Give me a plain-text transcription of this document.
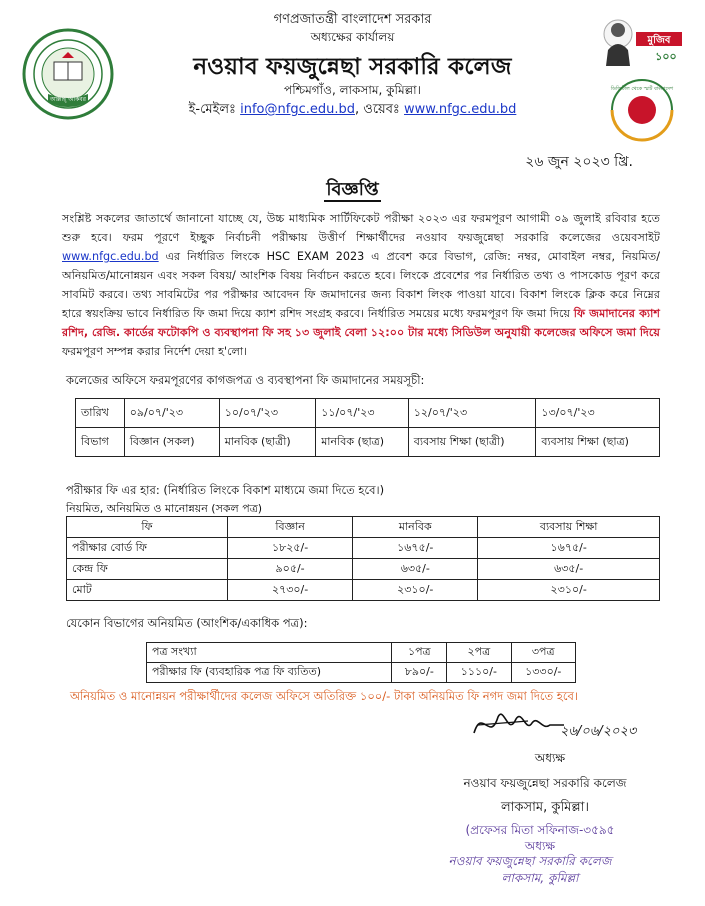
আল্লাহ্ আকবর
মুজিব
১০০
ডিজিটাল থেকে স্মার্ট বাংলাদেশ
গণপ্রজাতন্ত্রী বাংলাদেশ সরকার
অধ্যক্ষের কার্যালয়
নওয়াব ফয়জুন্নেছা সরকারি কলেজ
পশ্চিমগাঁও, লাকসাম, কুমিল্লা।
ই-মেইলঃ info@nfgc.edu.bd, ওয়েবঃ www.nfgc.edu.bd
২৬ জুন ২০২৩ খ্রি.
বিজ্ঞপ্তি
সংশ্লিষ্ট সকলের জাতার্থে জানানো যাচ্ছে যে, উচ্চ মাধ্যমিক সার্টিফিকেট পরীক্ষা ২০২৩ এর ফরমপূরণ আগামী ০৯ জুলাই রবিবার হতে শুরু হবে। ফরম পূরণে ইচ্ছুক নির্বাচনী পরীক্ষায় উত্তীর্ণ শিক্ষার্থীদের নওয়াব ফয়জুন্নেছা সরকারি কলেজের ওয়েবসাইট www.nfgc.edu.bd এর নির্ধারিত লিংকে HSC EXAM 2023 এ প্রবেশ করে বিভাগ, রেজি: নম্বর, মোবাইল নম্বর, নিয়মিত/ অনিয়মিত/মানোন্নয়ন এবং সকল বিষয়/ আংশিক বিষয় নির্বাচন করতে হবে। লিংকে প্রবেশের পর নির্ধারিত তথ্য ও পাসকোড পূরণ করে সাবমিট করবে। তথ্য সাবমিটের পর পরীক্ষার আবেদন ফি জমাদানের জন্য বিকাশ লিংক পাওয়া যাবে। বিকাশ লিংকে ক্লিক করে নিম্নের হারে স্বয়ংক্রিয় ভাবে নির্ধারিত ফি জমা দিয়ে ক্যাশ রশিদ সংগ্রহ করবে। নির্ধারিত সময়ের মধ্যে ফরমপূরণ ফি জমা দিয়ে ফি জমাদানের ক্যাশ রশিদ, রেজি. কার্ডের ফটোকপি ও ব্যবস্থাপনা ফি সহ ১৩ জুলাই বেলা ১২:০০ টার মধ্যে সিডিউল অনুযায়ী কলেজের অফিসে জমা দিয়ে ফরমপূরণ সম্পন্ন করার নির্দেশ দেয়া হ'লো।
কলেজের অফিসে ফরমপূরণের কাগজপত্র ও ব্যবস্থাপনা ফি জমাদানের সময়সূচী:
তারিখ	০৯/০৭/'২৩	১০/০৭/'২৩	১১/০৭/'২৩	১২/০৭/'২৩	১৩/০৭/'২৩
বিভাগ	বিজ্ঞান (সকল)	মানবিক (ছাত্রী)	মানবিক (ছাত্র)	ব্যবসায় শিক্ষা (ছাত্রী)	ব্যবসায় শিক্ষা (ছাত্র)
পরীক্ষার ফি এর হার: (নির্ধারিত লিংকে বিকাশ মাধ্যমে জমা দিতে হবে।)
নিয়মিত, অনিয়মিত ও মানোন্নয়ন (সকল পত্র)
ফি	বিজ্ঞান	মানবিক	ব্যবসায় শিক্ষা
পরীক্ষার বোর্ড ফি	১৮২৫/-	১৬৭৫/-	১৬৭৫/-
কেন্দ্র ফি	৯০৫/-	৬৩৫/-	৬৩৫/-
মোট	২৭৩০/-	২৩১০/-	২৩১০/-
যেকোন বিভাগের অনিয়মিত (আংশিক/একাধিক পত্র):
পত্র সংখ্যা	১পত্র	২পত্র	৩পত্র
পরীক্ষার ফি (ব্যবহারিক পত্র ফি ব্যতিত)	৮৯০/-	১১১০/-	১৩৩০/-
অনিয়মিত ও মানোন্নয়ন পরীক্ষার্থীদের কলেজ অফিসে অতিরিক্ত ১০০/- টাকা অনিয়মিত ফি নগদ জমা দিতে হবে।
২৬/০৬/২০২৩
অধ্যক্ষ
নওয়াব ফয়জুন্নেছা সরকারি কলেজ
লাকসাম, কুমিল্লা।
(প্রফেসর মিতা সফিনাজ-৩৫৯৫
অধ্যক্ষ
নওয়াব ফয়জুন্নেছা সরকারি কলেজ
লাকসাম, কুমিল্লা
